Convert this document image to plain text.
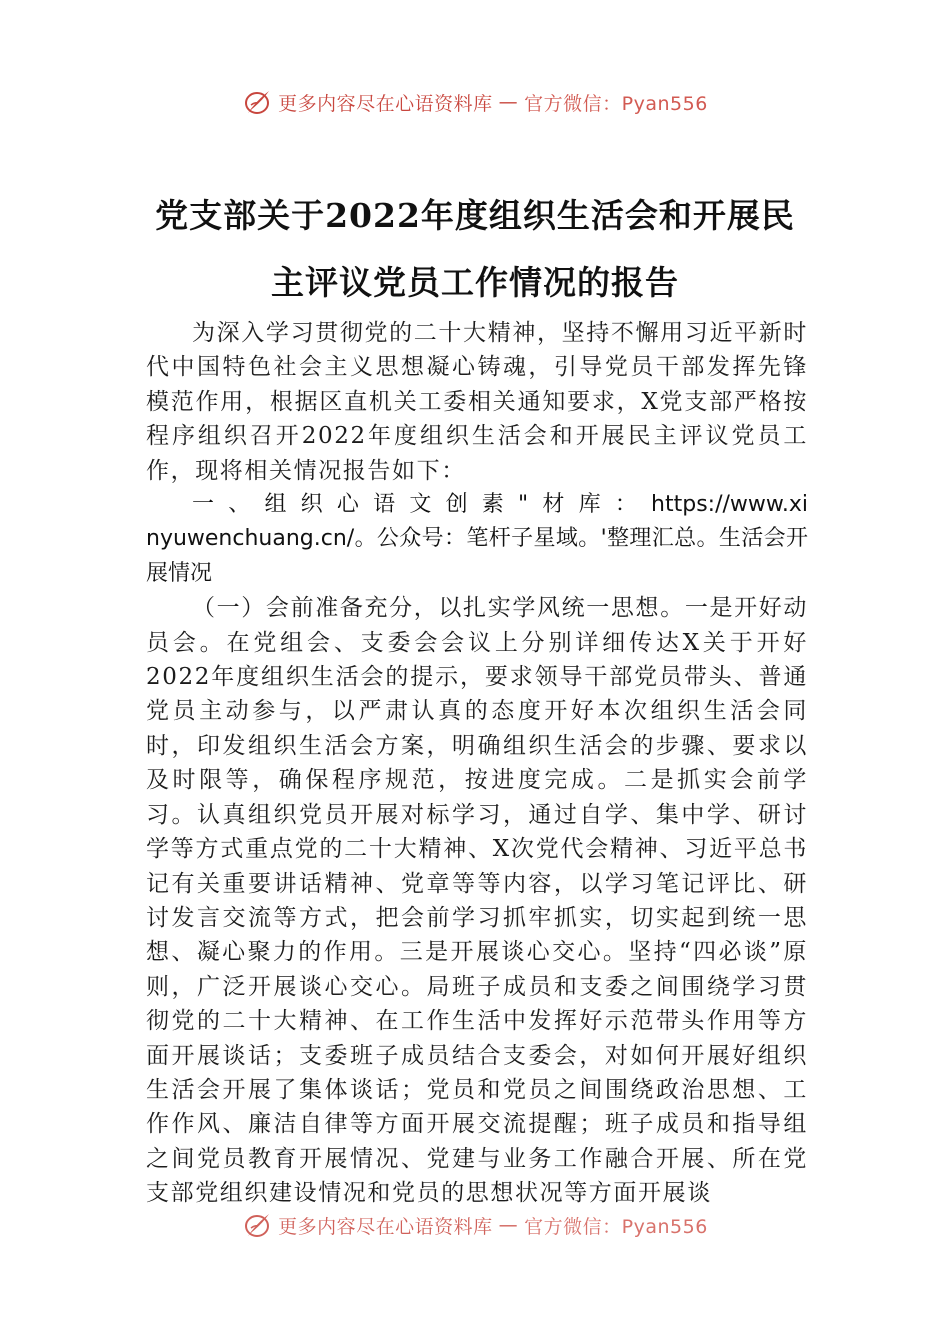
更多内容尽在心语资料库 — 官方微信：Pyan556
党支部关于2022年度组织生活会和开展民
主评议党员工作情况的报告

为深入学习贯彻党的二十大精神，坚持不懈用习近平新时代中国特色社会主义思想凝心铸魂，引导党员干部发挥先锋模范作用，根据区直机关工委相关通知要求，X党支部严格按程序组织召开2022年度组织生活会和开展民主评议党员工作，现将相关情况报告如下：

一、组织心语文创素"材库：https://www.xinyuwenchuang.cn/。公众号：笔杆子星域。'整理汇总。生活会开展情况

（一）会前准备充分，以扎实学风统一思想。一是开好动员会。在党组会、支委会会议上分别详细传达X关于开好2022年度组织生活会的提示，要求领导干部党员带头、普通党员主动参与，以严肃认真的态度开好本次组织生活会同时，印发组织生活会方案，明确组织生活会的步骤、要求以及时限等，确保程序规范，按进度完成。二是抓实会前学习。认真组织党员开展对标学习，通过自学、集中学、研讨学等方式重点党的二十大精神、X次党代会精神、习近平总书记有关重要讲话精神、党章等等内容，以学习笔记评比、研讨发言交流等方式，把会前学习抓牢抓实，切实起到统一思想、凝心聚力的作用。三是开展谈心交心。坚持“四必谈”原则，广泛开展谈心交心。局班子成员和支委之间围绕学习贯彻党的二十大精神、在工作生活中发挥好示范带头作用等方面开展谈话；支委班子成员结合支委会，对如何开展好组织生活会开展了集体谈话；党员和党员之间围绕政治思想、工作作风、廉洁自律等方面开展交流提醒；班子成员和指导组之间党员教育开展情况、党建与业务工作融合开展、所在党支部党组织建设情况和党员的思想状况等方面开展谈

更多内容尽在心语资料库 — 官方微信：Pyan556
